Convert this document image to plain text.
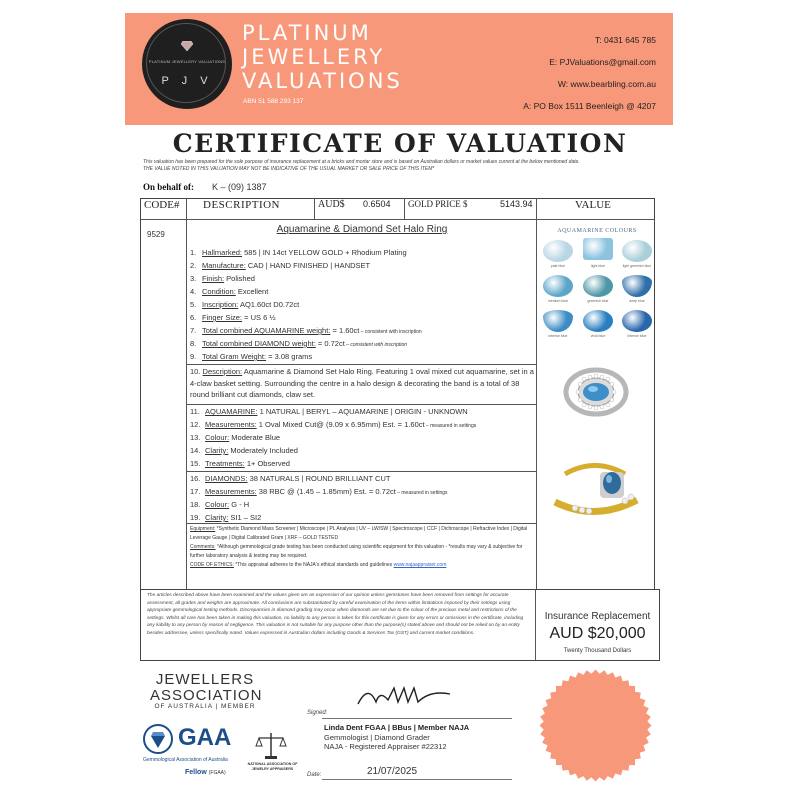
PLATINUM JEWELLERY VALUATIONS
P J V
PLATINUM
JEWELLERY
VALUATIONS
ABN 51 588 293 137
T: 0431 645 785
E: PJValuations@gmail.com
W: www.bearbling.com.au
A: PO Box 1511 Beenleigh @ 4207
CERTIFICATE OF VALUATION
This valuation has been prepared for the sole purpose of insurance replacement at a bricks and mortar store and is based on Australian dollars or market values current at the below mentioned date.
THE VALUE NOTED IN THIS VALUATION MAY NOT BE INDICATIVE OF THE USUAL MARKET OR SALE PRICE OF THIS ITEM*
On behalf of: K – (09) 1387
CODE# DESCRIPTION	AUD$ 0.6504 GOLD PRICE $	5143.94	VALUE
9529	Aquamarine & Diamond Set Halo Ring
1. Hallmarked: 585 | IN 14ct YELLOW GOLD + Rhodium Plating
2. Manufacture: CAD | HAND FINISHED | HANDSET
3. Finish: Polished
4. Condition: Excellent
5. Inscription: AQ1.60ct D0.72ct
6. Finger Size: = US 6 ½
7. Total combined AQUAMARINE weight: = 1.60ct – consistent with inscription
8. Total combined DIAMOND weight: = 0.72ct – consistent with inscription
9. Total Gram Weight: = 3.08 grams
10. Description: Aquamarine & Diamond Set Halo Ring. Featuring 1 oval mixed cut aquamarine, set in a 4-claw basket setting. Surrounding the centre in a halo design & decorating the band is a total of 38 round brilliant cut diamonds, claw set.
11. AQUAMARINE: 1 NATURAL | BERYL – AQUAMARINE | ORIGIN - UNKNOWN
12. Measurements: 1 Oval Mixed Cut@ (9.09 x 6.95mm) Est. = 1.60ct – measured in settings
13. Colour: Moderate Blue
14. Clarity: Moderately Included
15. Treatments: 1+ Observed
16. DIAMONDS: 38 NATURALS | ROUND BRILLIANT CUT
17. Measurements: 38 RBC @ (1.45 – 1.85mm) Est. = 0.72ct – measured in settings
18. Colour: G - H
19. Clarity: SI1 – SI2
Equipment: *Synthetic Diamond Mass Screener | Microscope | PL Analysis | UV – LW/SW | Spectroscope | CCF | Dichroscope | Refractive Index | Digital Leverage Gauge | Digital Calibrated Gram | XRF – GOLD TESTED
Comments: *Although gemmological grade testing has been conducted using scientific equipment for this valuation - *results may vary & subjective for further laboratory analysis & testing may be required.
CODE OF ETHICS: *This appraisal adheres to the NAJA's ethical standards and guidelines www.najaappraiser.com
AQUAMARINE COLOURS
pale blue	light blue	light greenish blue
medium blue	greenish blue	deep blue
intense blue	vivid blue	intense blue
The articles described above have been examined and the values given are an expression of our opinion unless gemstones have been removed from settings for accurate assessment, all grades and weights are approximate. All conclusions are substantiated by careful examination of the items within limitations imposed by their settings using appropriate gemmological testing methods. Discrepancies in diamond grading may occur when diamonds are set due to the colour of the precious metal and restrictions of the settings. Whilst all care has been taken in making this valuation, no liability to any person is taken for this certificate is given for any errors or omissions in the certificate, including any liability to any person by reason of negligence. This valuation is not suitable for any purpose other than the purpose(s) stated above and should not be relied on by an entity besides addressee, unless specifically noted. Values expressed in Australian dollars including Goods & Services Tax (GST) and current market conditions.
Insurance Replacement
AUD $20,000
Twenty Thousand Dollars
JEWELLERS
ASSOCIATION
OF AUSTRALIA | MEMBER
GAA
Gemmological Association of Australia
Fellow (FGAA)
NATIONAL ASSOCIATION OF
JEWELRY APPRAISERS
Signed:
Linda Dent FGAA | BBus | Member NAJA
Gemmologist | Diamond Grader
NAJA - Registered Appraiser #22312
Date:	21/07/2025
